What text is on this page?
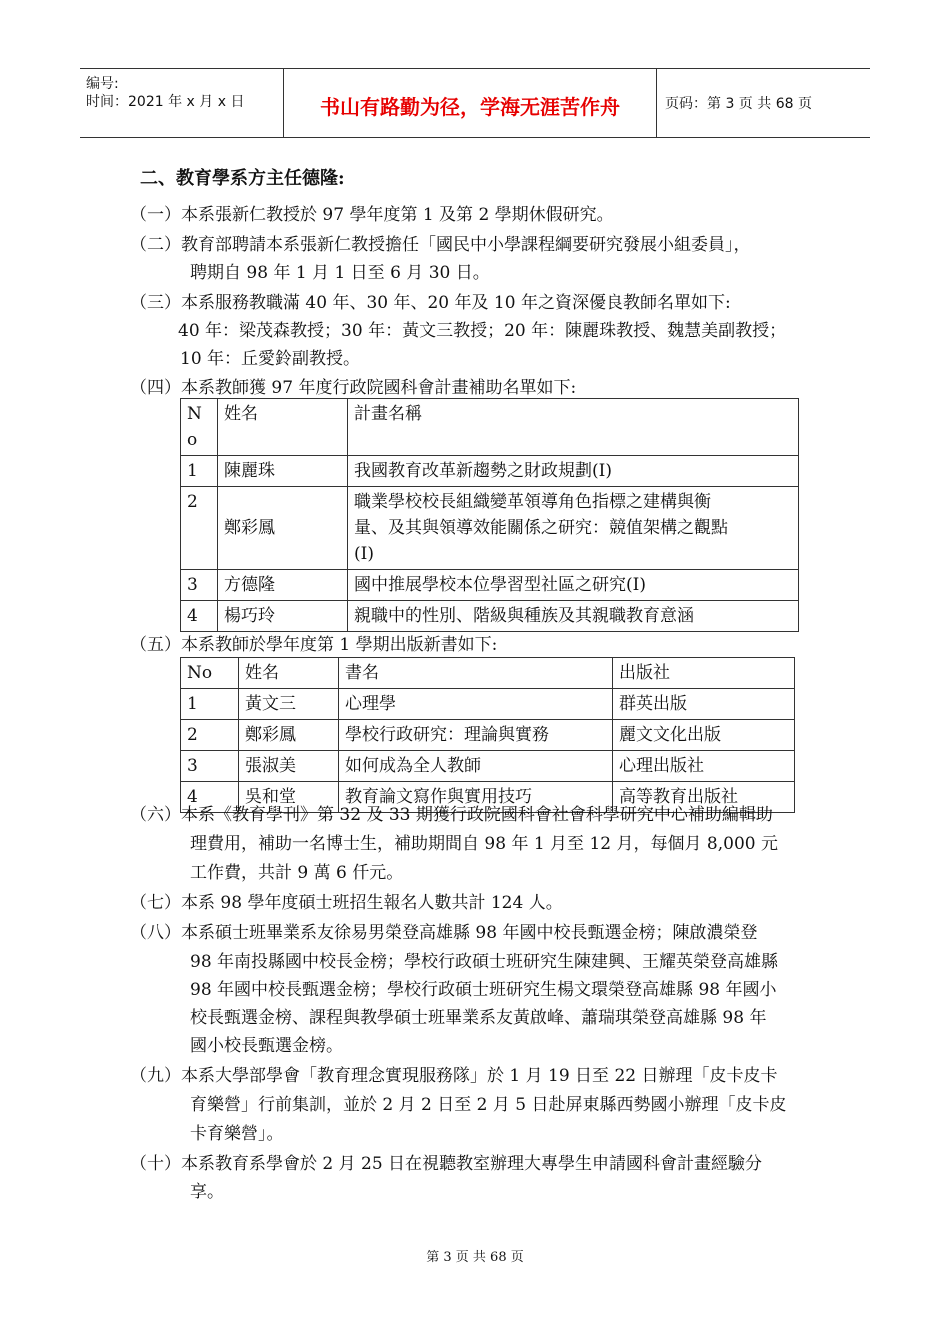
编号:
时间：2021 年 x 月 x 日	书山有路勤为径，学海无涯苦作舟	页码：第 3 页 共 68 页
二、教育學系方主任德隆:
（一）本系張新仁教授於 97 學年度第 1 及第 2 學期休假研究。
（二）教育部聘請本系張新仁教授擔任「國民中小學課程綱要研究發展小組委員」，
聘期自 98 年 1 月 1 日至 6 月 30 日。
（三）本系服務教職滿 40 年、30 年、20 年及 10 年之資深優良教師名單如下:
40 年：梁茂森教授；30 年：黃文三教授；20 年：陳麗珠教授、魏慧美副教授；
10 年：丘愛鈴副教授。
（四）本系教師獲 97 年度行政院國科會計畫補助名單如下:
N
o	姓名	計畫名稱
1	陳麗珠	我國教育改革新趨勢之財政規劃(I)
2	鄭彩鳳	職業學校校長組織變革領導角色指標之建構與衡
量、及其與領導效能關係之研究：競值架構之觀點
(I)
3	方德隆	國中推展學校本位學習型社區之研究(I)
4	楊巧玲	親職中的性別、階級與種族及其親職教育意涵
（五）本系教師於學年度第 1 學期出版新書如下:
No	姓名	書名	出版社
1	黃文三	心理學	群英出版
2	鄭彩鳳	學校行政研究：理論與實務	麗文文化出版
3	張淑美	如何成為全人教師	心理出版社
4	吳和堂	教育論文寫作與實用技巧	高等教育出版社
（六）本系《教育學刊》第 32 及 33 期獲行政院國科會社會科學研究中心補助編輯助
理費用，補助一名博士生，補助期間自 98 年 1 月至 12 月，每個月 8,000 元
工作費，共計 9 萬 6 仟元。
（七）本系 98 學年度碩士班招生報名人數共計 124 人。
（八）本系碩士班畢業系友徐易男榮登高雄縣 98 年國中校長甄選金榜；陳啟濃榮登
98 年南投縣國中校長金榜；學校行政碩士班研究生陳建興、王耀英榮登高雄縣
98 年國中校長甄選金榜；學校行政碩士班研究生楊文環榮登高雄縣 98 年國小
校長甄選金榜、課程與教學碩士班畢業系友黃啟峰、蕭瑞琪榮登高雄縣 98 年
國小校長甄選金榜。
（九）本系大學部學會「教育理念實現服務隊」於 1 月 19 日至 22 日辦理「皮卡皮卡
育樂營」行前集訓，並於 2 月 2 日至 2 月 5 日赴屏東縣西勢國小辦理「皮卡皮
卡育樂營」。
（十）本系教育系學會於 2 月 25 日在視聽教室辦理大專學生申請國科會計畫經驗分
享。
第 3 页 共 68 页
